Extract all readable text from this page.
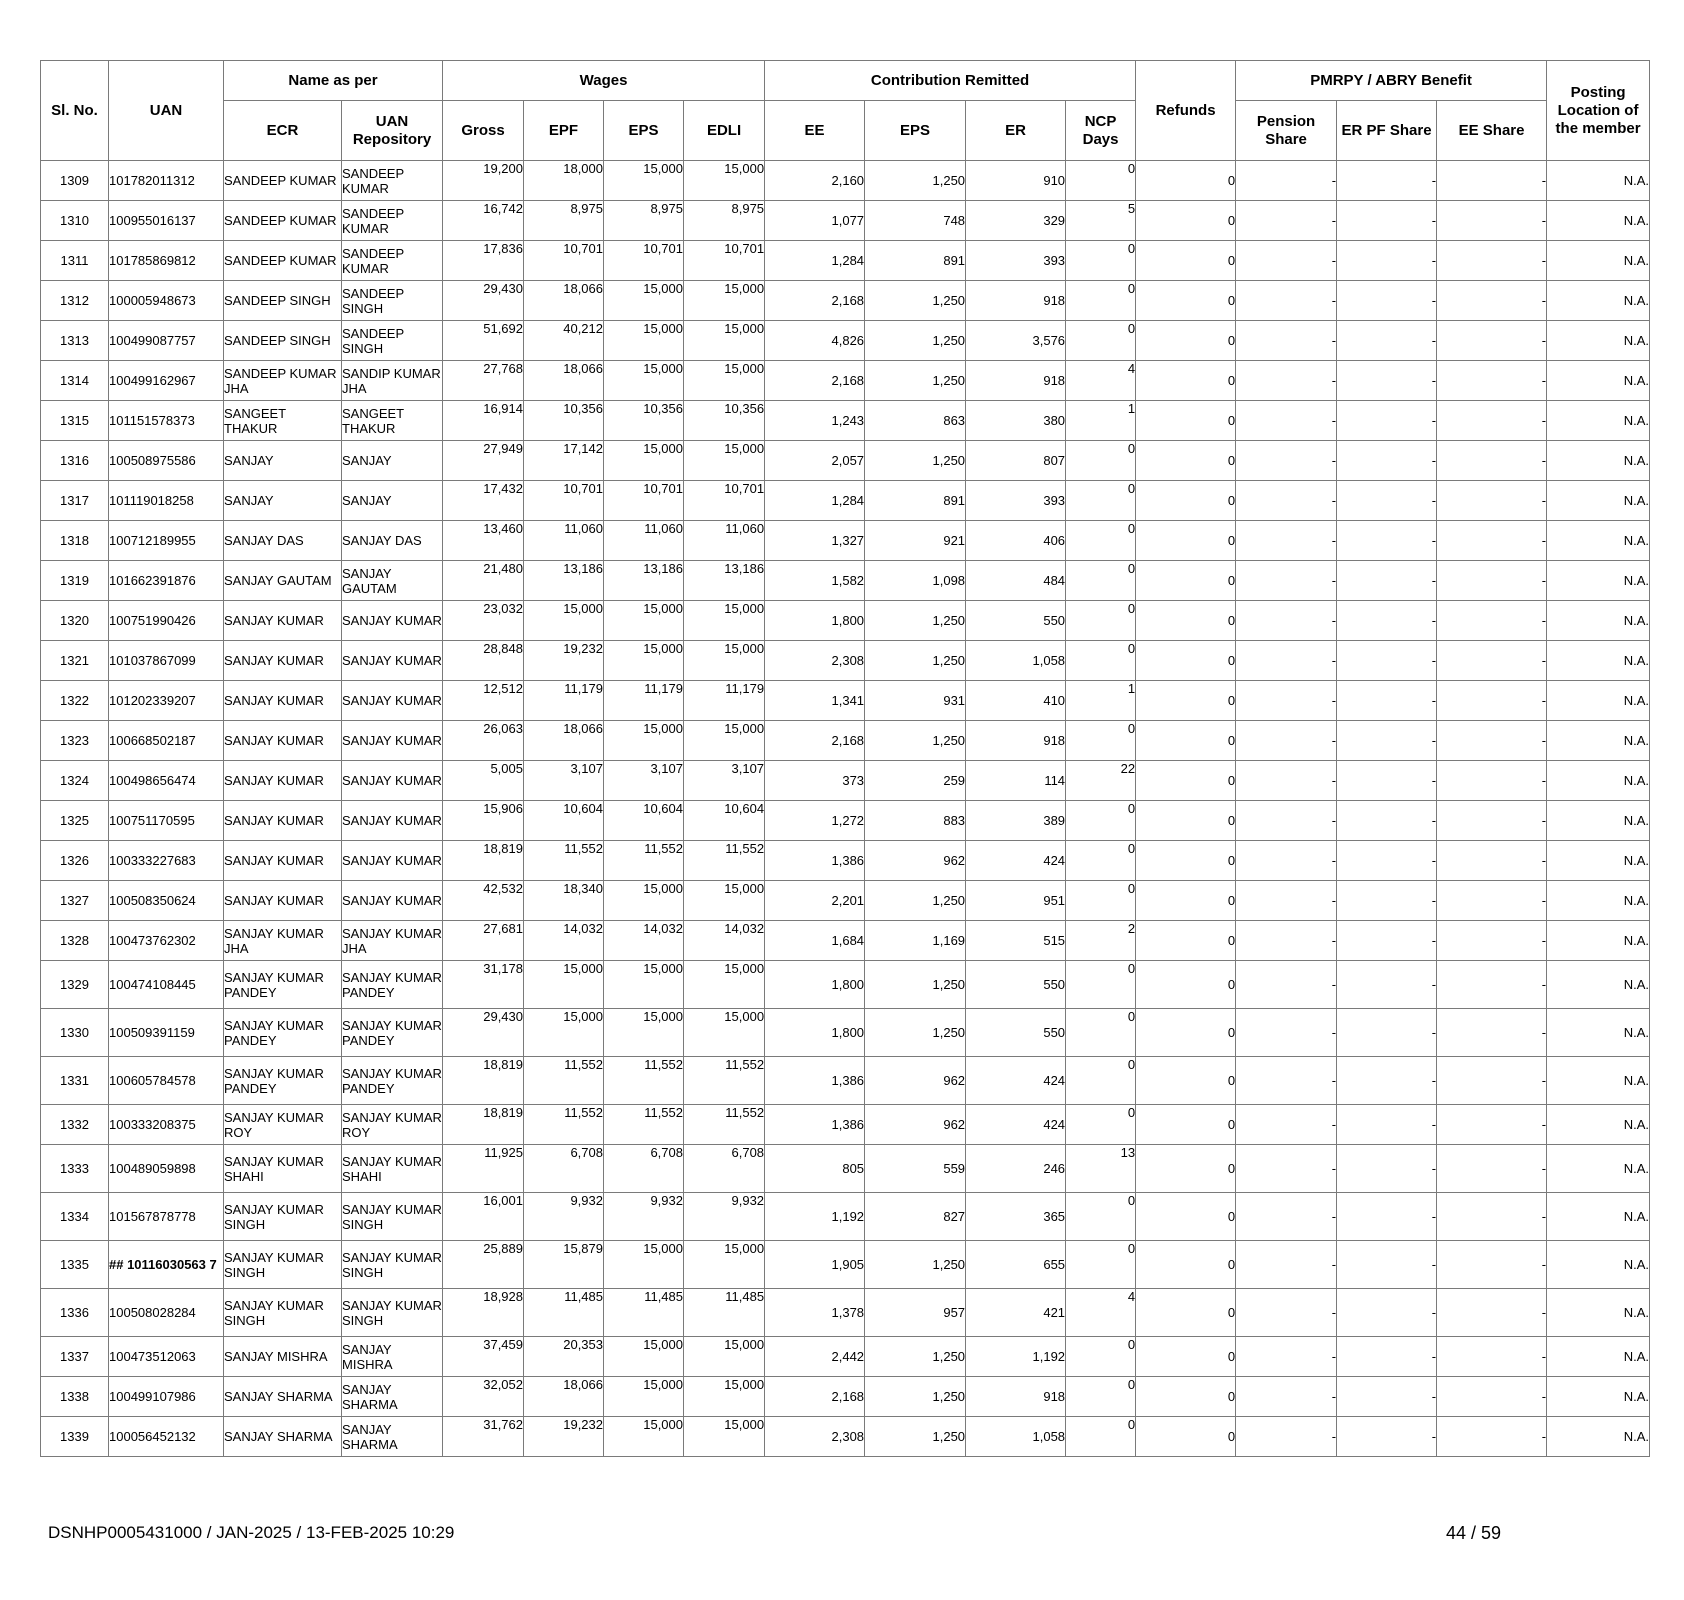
Sl. No.	UAN	Name as per		Wages				Contribution Remitted				Refunds	PMRPY / ABRY Benefit			Posting Location of the member
		ECR	UAN Repository	Gross	EPF	EPS	EDLI	EE	EPS	ER	NCP Days		Pension Share	ER PF Share	EE Share	
1309	101782011312	SANDEEP KUMAR	SANDEEP KUMAR	19,200	18,000	15,000	15,000	2,160	1,250	910	0	0	-	-	-	N.A.
1310	100955016137	SANDEEP KUMAR	SANDEEP KUMAR	16,742	8,975	8,975	8,975	1,077	748	329	5	0	-	-	-	N.A.
1311	101785869812	SANDEEP KUMAR	SANDEEP KUMAR	17,836	10,701	10,701	10,701	1,284	891	393	0	0	-	-	-	N.A.
1312	100005948673	SANDEEP SINGH	SANDEEP SINGH	29,430	18,066	15,000	15,000	2,168	1,250	918	0	0	-	-	-	N.A.
1313	100499087757	SANDEEP SINGH	SANDEEP SINGH	51,692	40,212	15,000	15,000	4,826	1,250	3,576	0	0	-	-	-	N.A.
1314	100499162967	SANDEEP KUMAR JHA	SANDIP KUMAR JHA	27,768	18,066	15,000	15,000	2,168	1,250	918	4	0	-	-	-	N.A.
1315	101151578373	SANGEET THAKUR	SANGEET THAKUR	16,914	10,356	10,356	10,356	1,243	863	380	1	0	-	-	-	N.A.
1316	100508975586	SANJAY	SANJAY	27,949	17,142	15,000	15,000	2,057	1,250	807	0	0	-	-	-	N.A.
1317	101119018258	SANJAY	SANJAY	17,432	10,701	10,701	10,701	1,284	891	393	0	0	-	-	-	N.A.
1318	100712189955	SANJAY DAS	SANJAY DAS	13,460	11,060	11,060	11,060	1,327	921	406	0	0	-	-	-	N.A.
1319	101662391876	SANJAY GAUTAM	SANJAY GAUTAM	21,480	13,186	13,186	13,186	1,582	1,098	484	0	0	-	-	-	N.A.
1320	100751990426	SANJAY KUMAR	SANJAY KUMAR	23,032	15,000	15,000	15,000	1,800	1,250	550	0	0	-	-	-	N.A.
1321	101037867099	SANJAY KUMAR	SANJAY KUMAR	28,848	19,232	15,000	15,000	2,308	1,250	1,058	0	0	-	-	-	N.A.
1322	101202339207	SANJAY KUMAR	SANJAY KUMAR	12,512	11,179	11,179	11,179	1,341	931	410	1	0	-	-	-	N.A.
1323	100668502187	SANJAY KUMAR	SANJAY KUMAR	26,063	18,066	15,000	15,000	2,168	1,250	918	0	0	-	-	-	N.A.
1324	100498656474	SANJAY KUMAR	SANJAY KUMAR	5,005	3,107	3,107	3,107	373	259	114	22	0	-	-	-	N.A.
1325	100751170595	SANJAY KUMAR	SANJAY KUMAR	15,906	10,604	10,604	10,604	1,272	883	389	0	0	-	-	-	N.A.
1326	100333227683	SANJAY KUMAR	SANJAY KUMAR	18,819	11,552	11,552	11,552	1,386	962	424	0	0	-	-	-	N.A.
1327	100508350624	SANJAY KUMAR	SANJAY KUMAR	42,532	18,340	15,000	15,000	2,201	1,250	951	0	0	-	-	-	N.A.
1328	100473762302	SANJAY KUMAR JHA	SANJAY KUMAR JHA	27,681	14,032	14,032	14,032	1,684	1,169	515	2	0	-	-	-	N.A.
1329	100474108445	SANJAY KUMAR PANDEY	SANJAY KUMAR PANDEY	31,178	15,000	15,000	15,000	1,800	1,250	550	0	0	-	-	-	N.A.
1330	100509391159	SANJAY KUMAR PANDEY	SANJAY KUMAR PANDEY	29,430	15,000	15,000	15,000	1,800	1,250	550	0	0	-	-	-	N.A.
1331	100605784578	SANJAY KUMAR PANDEY	SANJAY KUMAR PANDEY	18,819	11,552	11,552	11,552	1,386	962	424	0	0	-	-	-	N.A.
1332	100333208375	SANJAY KUMAR ROY	SANJAY KUMAR ROY	18,819	11,552	11,552	11,552	1,386	962	424	0	0	-	-	-	N.A.
1333	100489059898	SANJAY KUMAR SHAHI	SANJAY KUMAR SHAHI	11,925	6,708	6,708	6,708	805	559	246	13	0	-	-	-	N.A.
1334	101567878778	SANJAY KUMAR SINGH	SANJAY KUMAR SINGH	16,001	9,932	9,932	9,932	1,192	827	365	0	0	-	-	-	N.A.
1335	## 10116030563 7	SANJAY KUMAR SINGH	SANJAY KUMAR SINGH	25,889	15,879	15,000	15,000	1,905	1,250	655	0	0	-	-	-	N.A.
1336	100508028284	SANJAY KUMAR SINGH	SANJAY KUMAR SINGH	18,928	11,485	11,485	11,485	1,378	957	421	4	0	-	-	-	N.A.
1337	100473512063	SANJAY MISHRA	SANJAY MISHRA	37,459	20,353	15,000	15,000	2,442	1,250	1,192	0	0	-	-	-	N.A.
1338	100499107986	SANJAY SHARMA	SANJAY SHARMA	32,052	18,066	15,000	15,000	2,168	1,250	918	0	0	-	-	-	N.A.
1339	100056452132	SANJAY SHARMA	SANJAY SHARMA	31,762	19,232	15,000	15,000	2,308	1,250	1,058	0	0	-	-	-	N.A.
DSNHP0005431000 / JAN-2025 / 13-FEB-2025 10:29	44 / 59
